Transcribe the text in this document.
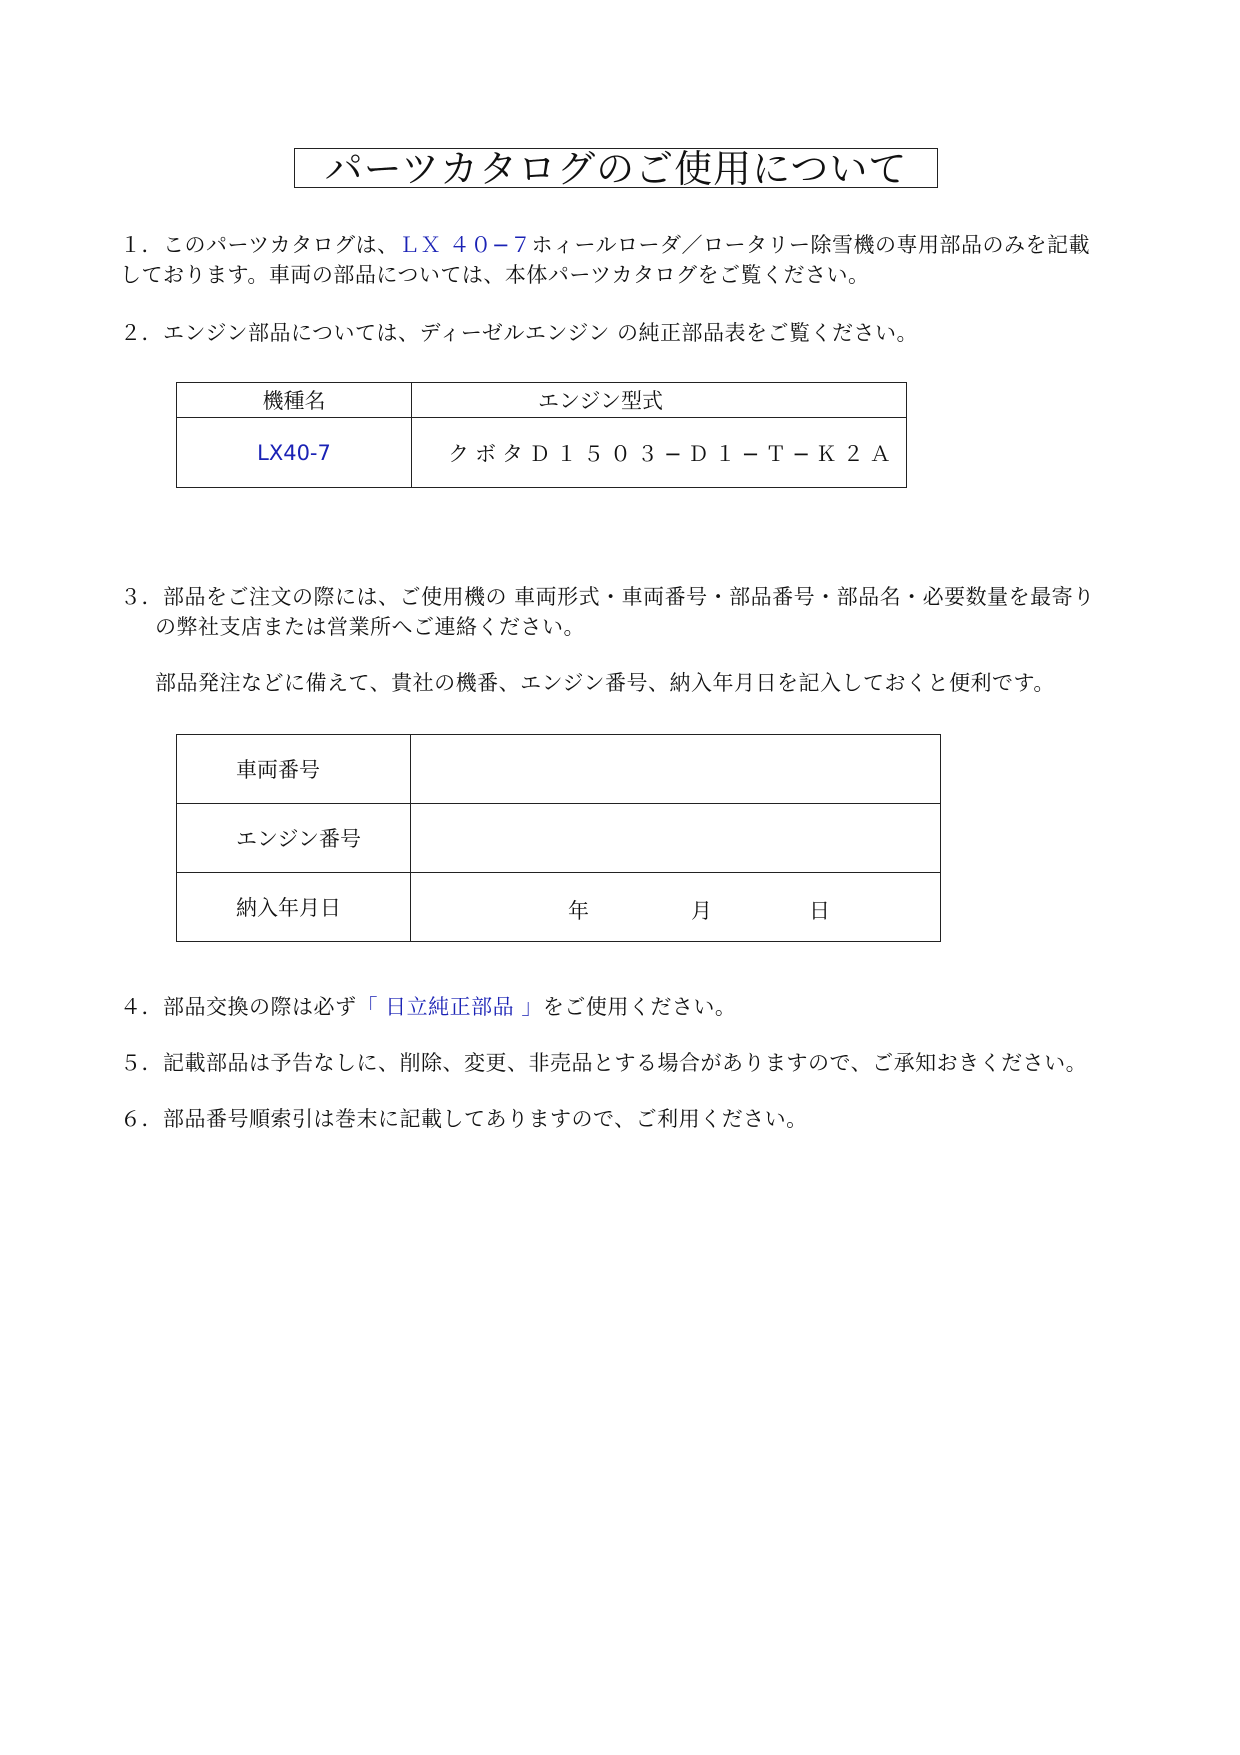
パーツカタログのご使用について
１．このパーツカタログは、ＬＸ ４０−７ホィールローダ／ロータリー除雪機の専用部品のみを記載
しております。車両の部品については、本体パーツカタログをご覧ください。
２．エンジン部品については、ディーゼルエンジン の純正部品表をご覧ください。
機種名	エンジン型式
LX40-7	クボタＤ１５０３−Ｄ１−Ｔ−Ｋ２Ａ
３．部品をご注文の際には、ご使用機の 車両形式・車両番号・部品番号・部品名・必要数量を最寄り
の弊社支店または営業所へご連絡ください。
部品発注などに備えて、貴社の機番、エンジン番号、納入年月日を記入しておくと便利です。
車両番号	
エンジン番号	
納入年月日	年 月 日
４．部品交換の際は必ず「 日立純正部品 」をご使用ください。
５．記載部品は予告なしに、削除、変更、非売品とする場合がありますので、ご承知おきください。
６．部品番号順索引は巻末に記載してありますので、ご利用ください。
